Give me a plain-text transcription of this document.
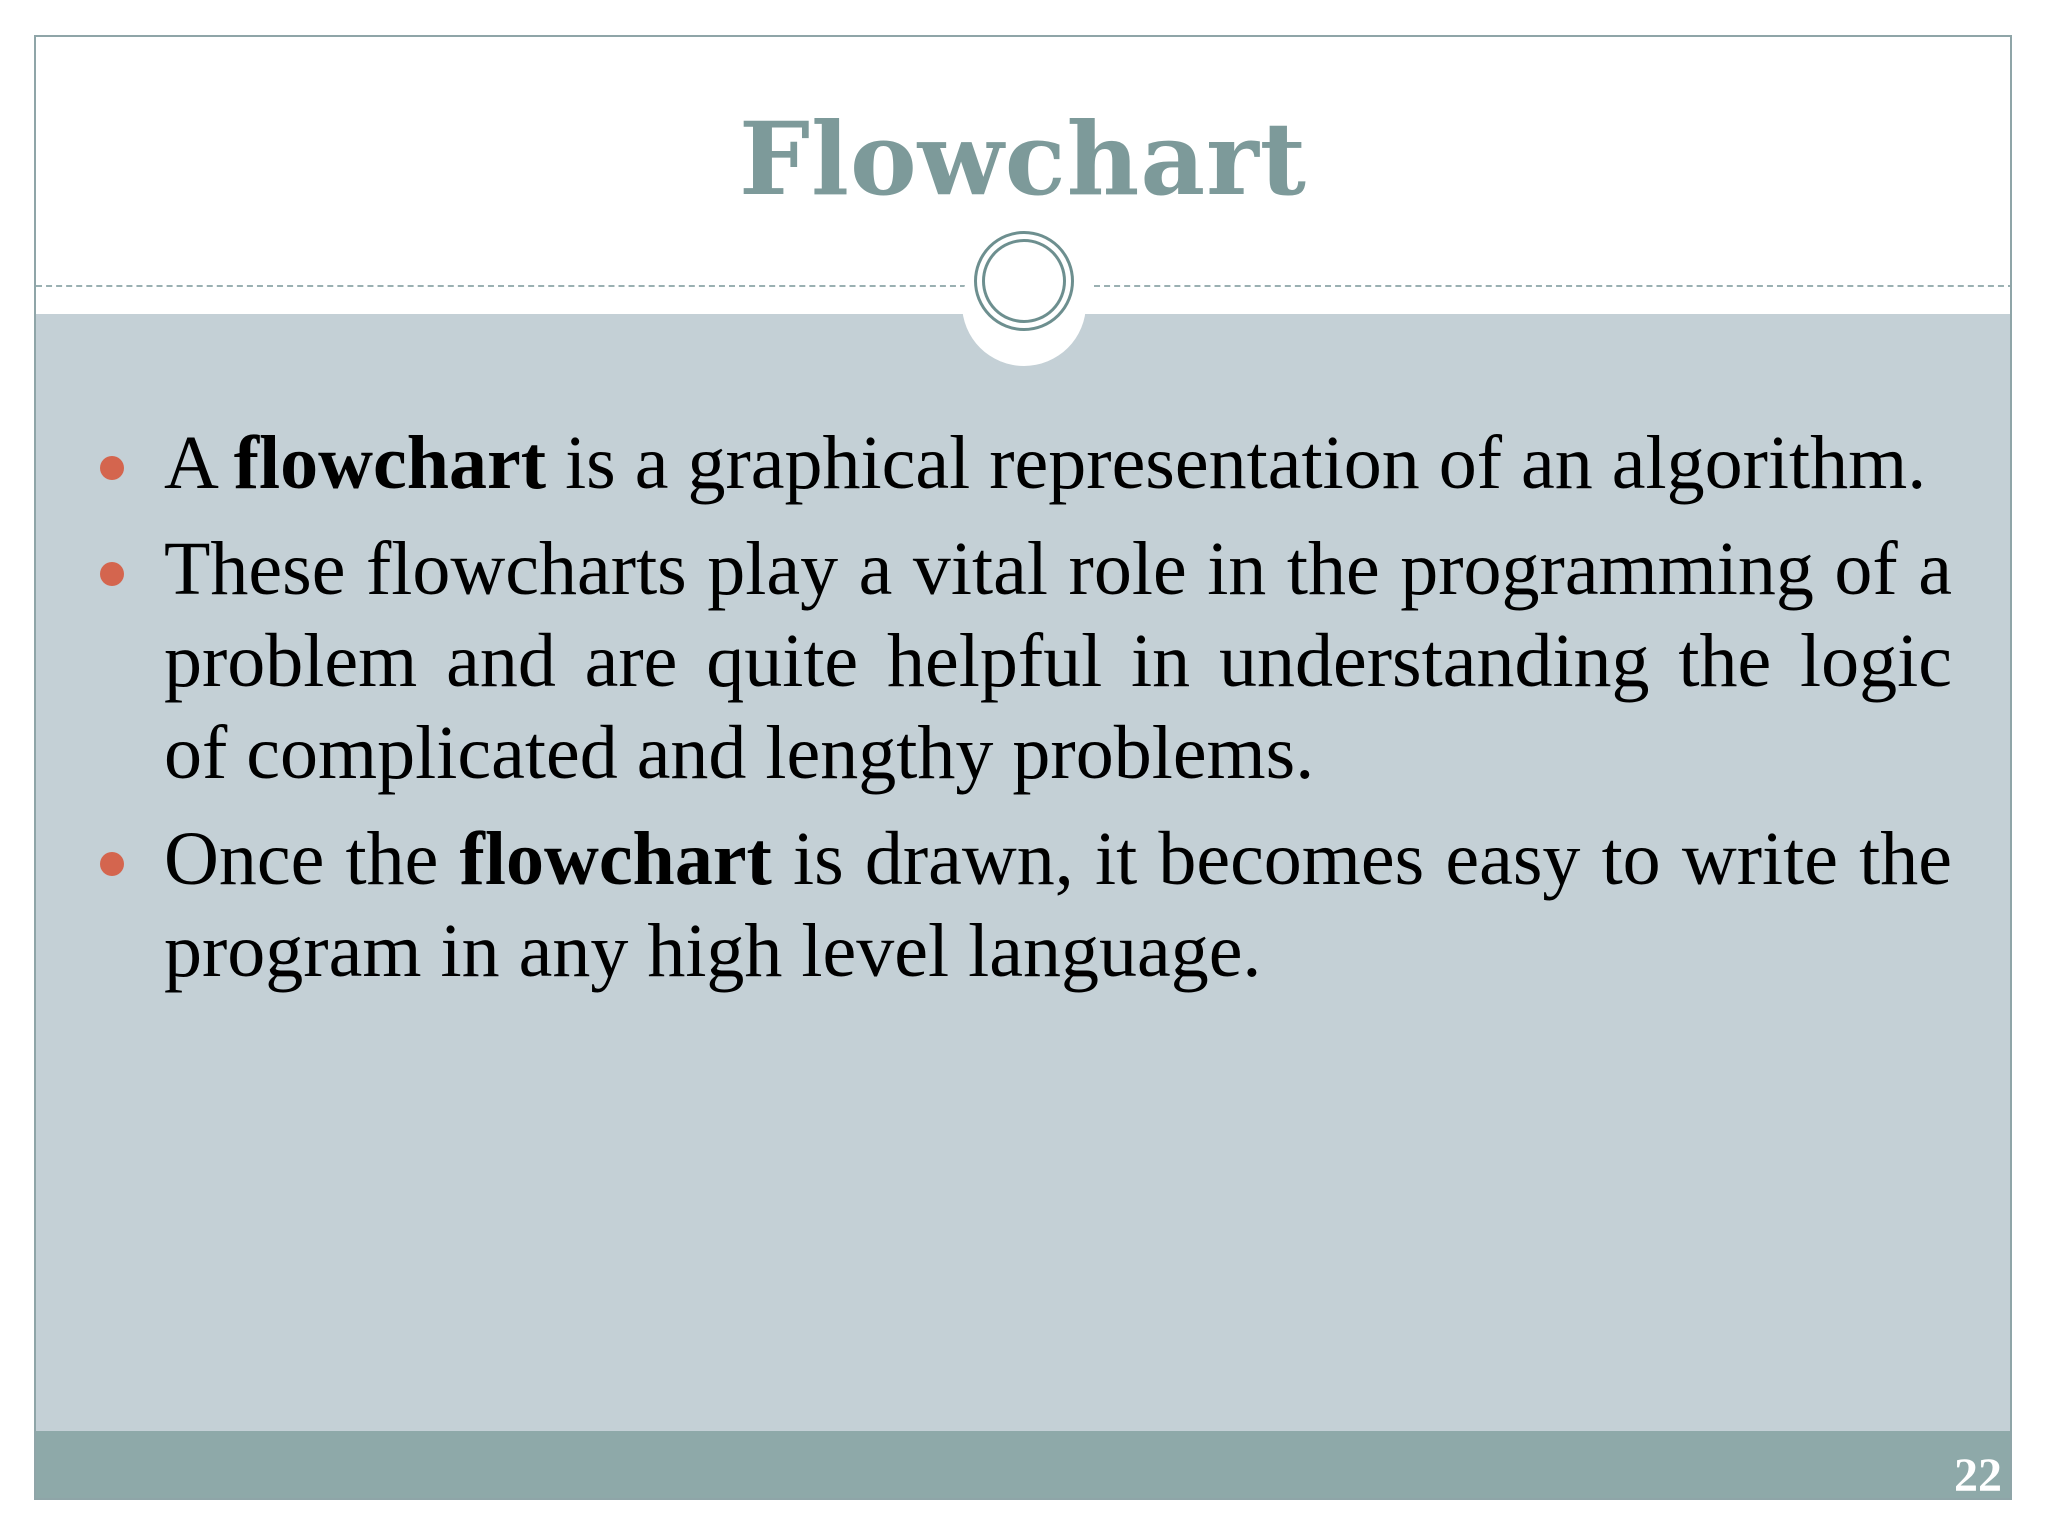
Flowchart
A flowchart is a graphical representation of an algorithm.
These flowcharts play a vital role in the programming of a problem and are quite helpful in understanding the logic of complicated and lengthy problems.
Once the flowchart is drawn, it becomes easy to write the program in any high level language.
22
